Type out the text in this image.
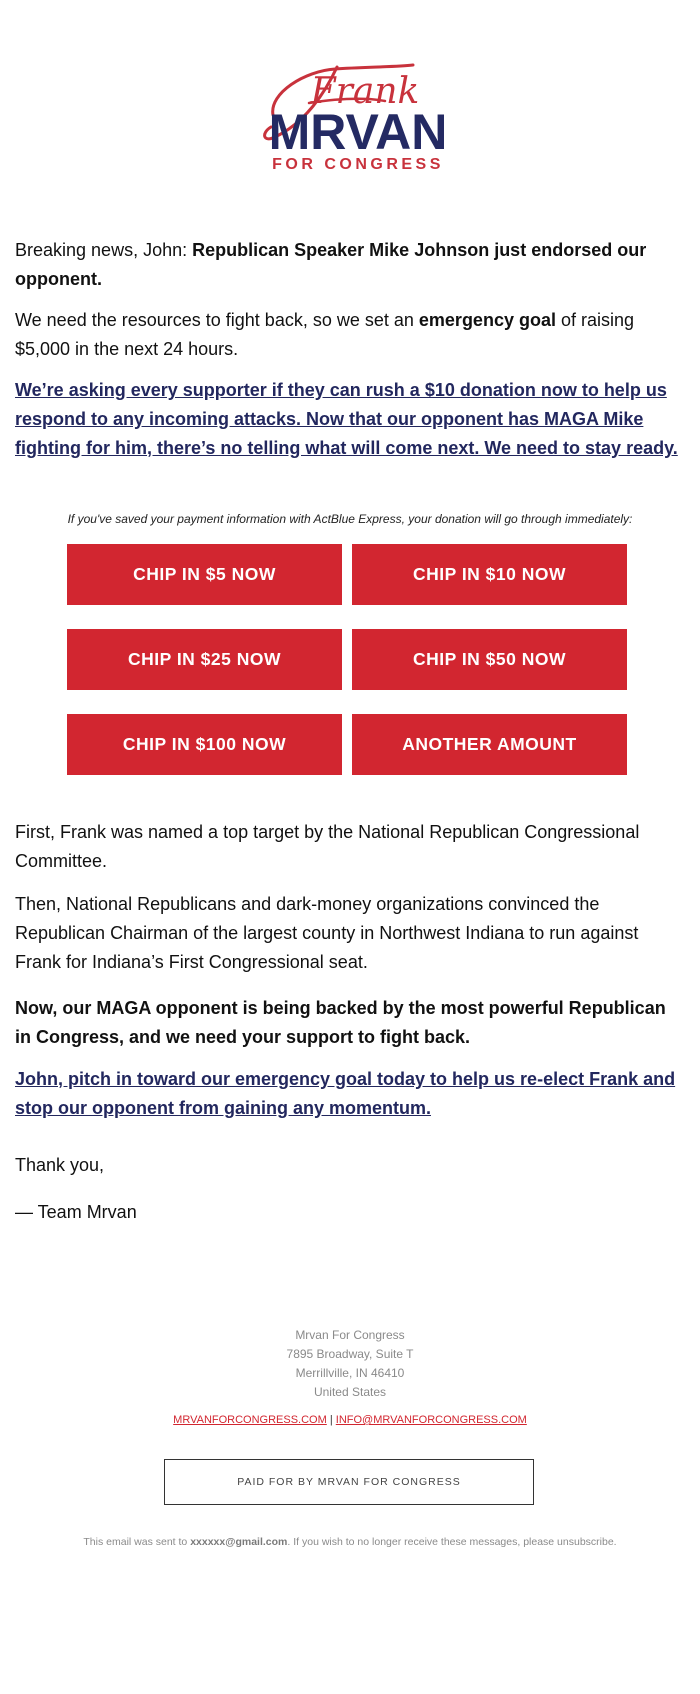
Frank
MRVAN
FOR CONGRESS

Breaking news, John: Republican Speaker Mike Johnson just endorsed our opponent.

We need the resources to fight back, so we set an emergency goal of raising $5,000 in the next 24 hours.

We’re asking every supporter if they can rush a $10 donation now to help us respond to any incoming attacks. Now that our opponent has MAGA Mike fighting for him, there’s no telling what will come next. We need to stay ready.

If you've saved your payment information with ActBlue Express, your donation will go through immediately:
CHIP IN $5 NOW	CHIP IN $10 NOW
CHIP IN $25 NOW	CHIP IN $50 NOW
CHIP IN $100 NOW	ANOTHER AMOUNT

First, Frank was named a top target by the National Republican Congressional Committee.

Then, National Republicans and dark-money organizations convinced the Republican Chairman of the largest county in Northwest Indiana to run against Frank for Indiana’s First Congressional seat.

Now, our MAGA opponent is being backed by the most powerful Republican in Congress, and we need your support to fight back.

John, pitch in toward our emergency goal today to help us re-elect Frank and stop our opponent from gaining any momentum.

Thank you,

— Team Mrvan

Mrvan For Congress
7895 Broadway, Suite T
Merrillville, IN 46410
United States
MRVANFORCONGRESS.COM | INFO@MRVANFORCONGRESS.COM
PAID FOR BY MRVAN FOR CONGRESS
This email was sent to xxxxxx@gmail.com. If you wish to no longer receive these messages, please unsubscribe.
